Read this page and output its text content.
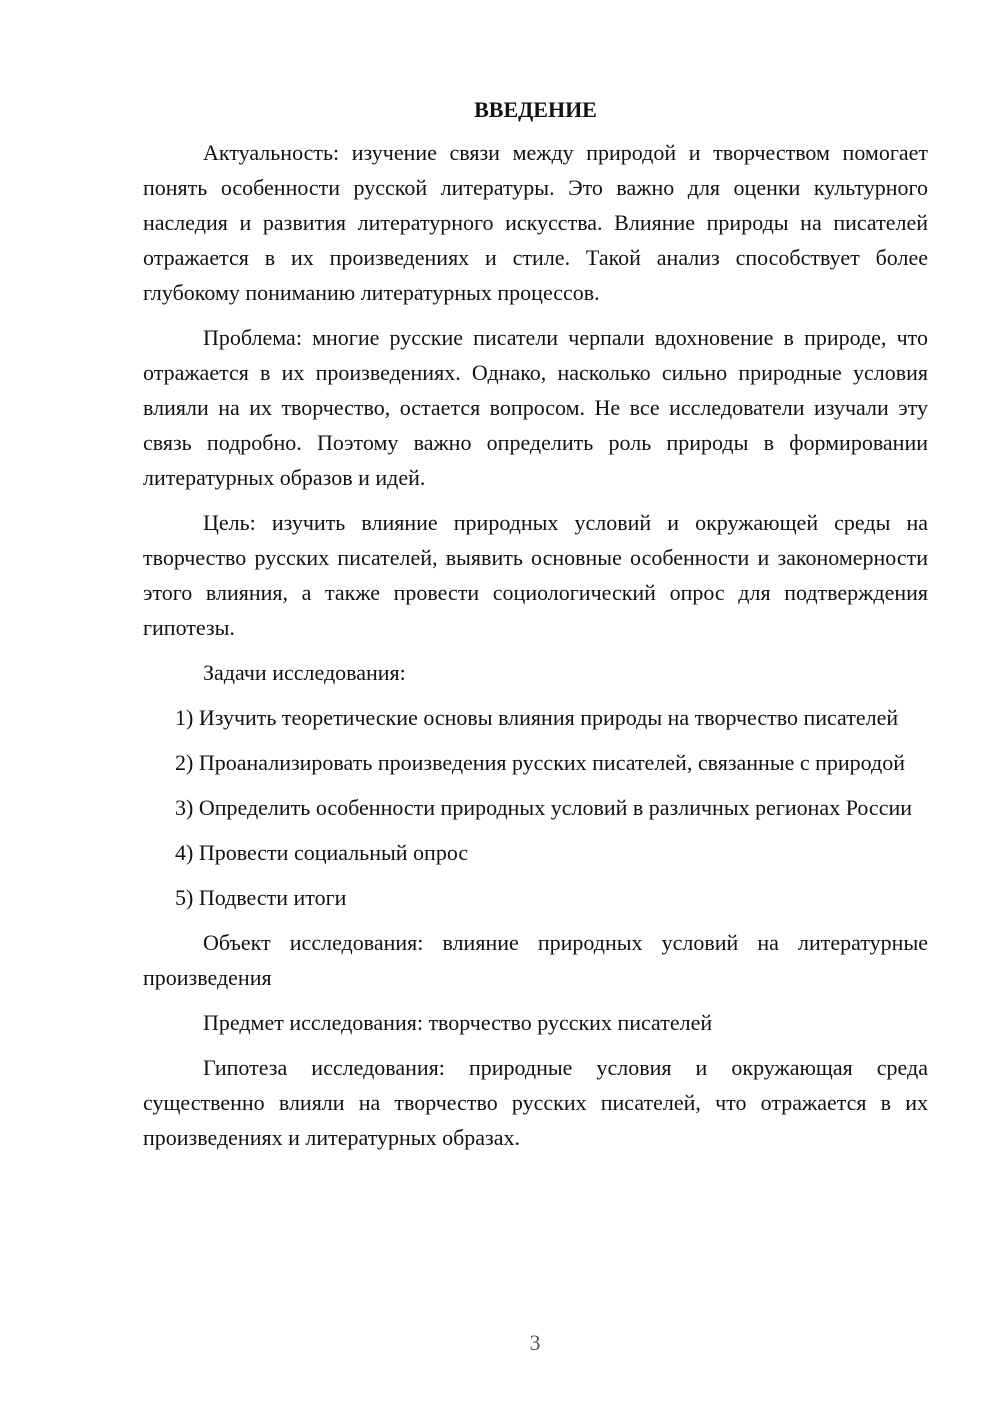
ВВЕДЕНИЕ

Актуальность: изучение связи между природой и творчеством помогает понять особенности русской литературы. Это важно для оценки культурного наследия и развития литературного искусства. Влияние природы на писателей отражается в их произведениях и стиле. Такой анализ способствует более глубокому пониманию литературных процессов.

Проблема: многие русские писатели черпали вдохновение в природе, что отражается в их произведениях. Однако, насколько сильно природные условия влияли на их творчество, остается вопросом. Не все исследователи изучали эту связь подробно. Поэтому важно определить роль природы в формировании литературных образов и идей.

Цель: изучить влияние природных условий и окружающей среды на творчество русских писателей, выявить основные особенности и закономерности этого влияния, а также провести социологический опрос для подтверждения гипотезы.

Задачи исследования:

1) Изучить теоретические основы влияния природы на творчество писателей

2) Проанализировать произведения русских писателей, связанные с природой

3) Определить особенности природных условий в различных регионах России

4) Провести социальный опрос

5) Подвести итоги

Объект исследования: влияние природных условий на литературные произведения

Предмет исследования: творчество русских писателей

Гипотеза исследования: природные условия и окружающая среда существенно влияли на творчество русских писателей, что отражается в их произведениях и литературных образах.

3
